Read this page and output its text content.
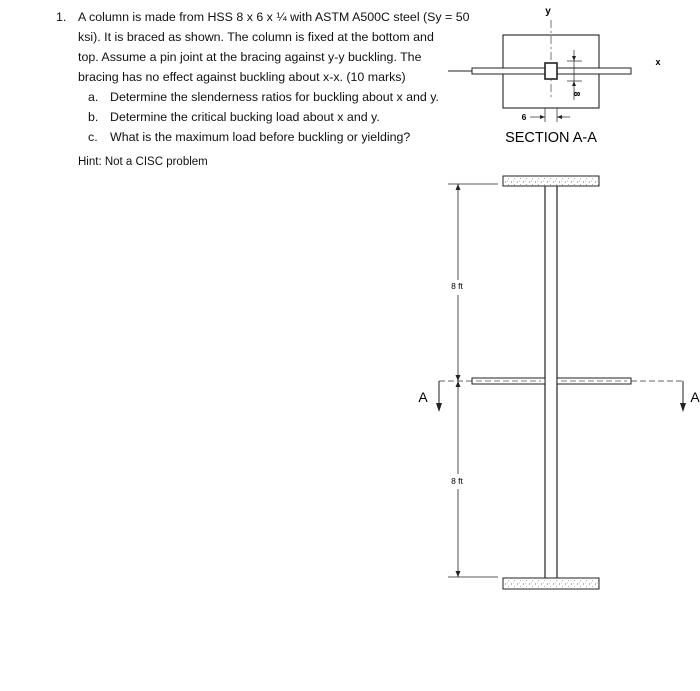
1. A column is made from HSS 8 x 6 x ¼ with ASTM A500C steel (Sy = 50
ksi). It is braced as shown. The column is fixed at the bottom and
top. Assume a pin joint at the bracing against y-y buckling. The
bracing has no effect against buckling about x-x. (10 marks)
a. Determine the slenderness ratios for buckling about x and y.
b. Determine the critical bucking load about x and y.
c. What is the maximum load before buckling or yielding?
Hint: Not a CISC problem
y
x
8
6
SECTION A-A
A	A
8 ft
8 ft
